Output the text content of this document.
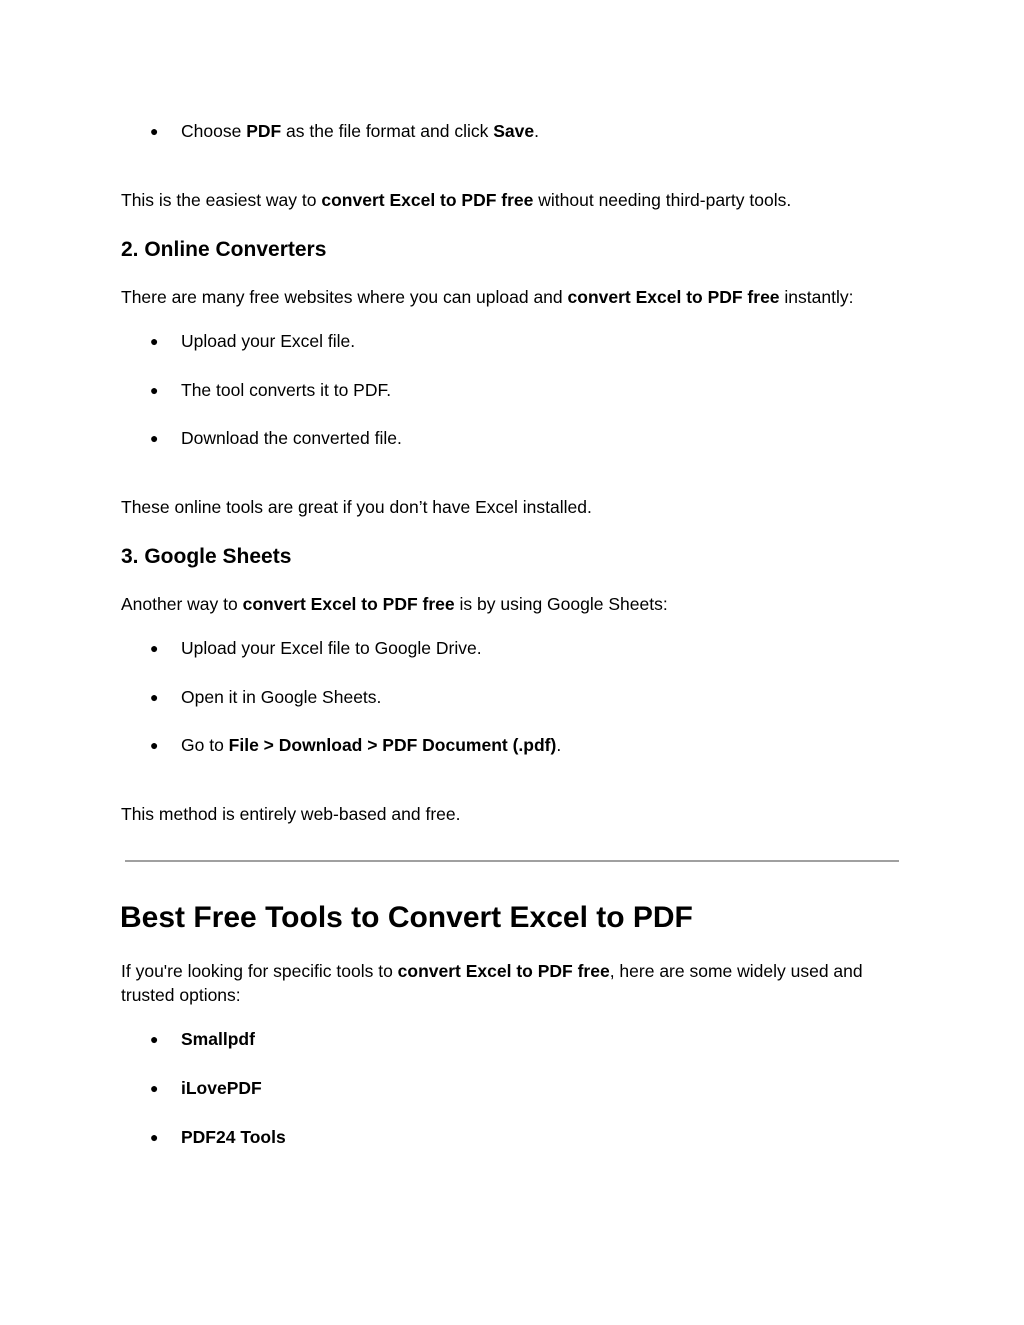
● Choose PDF as the file format and click Save.

This is the easiest way to convert Excel to PDF free without needing third-party tools.

2. Online Converters

There are many free websites where you can upload and convert Excel to PDF free instantly:

● Upload your Excel file.
● The tool converts it to PDF.
● Download the converted file.

These online tools are great if you don’t have Excel installed.

3. Google Sheets

Another way to convert Excel to PDF free is by using Google Sheets:

● Upload your Excel file to Google Drive.
● Open it in Google Sheets.
● Go to File > Download > PDF Document (.pdf).

This method is entirely web-based and free.

Best Free Tools to Convert Excel to PDF

If you're looking for specific tools to convert Excel to PDF free, here are some widely used and trusted options:

● Smallpdf
● iLovePDF
● PDF24 Tools
